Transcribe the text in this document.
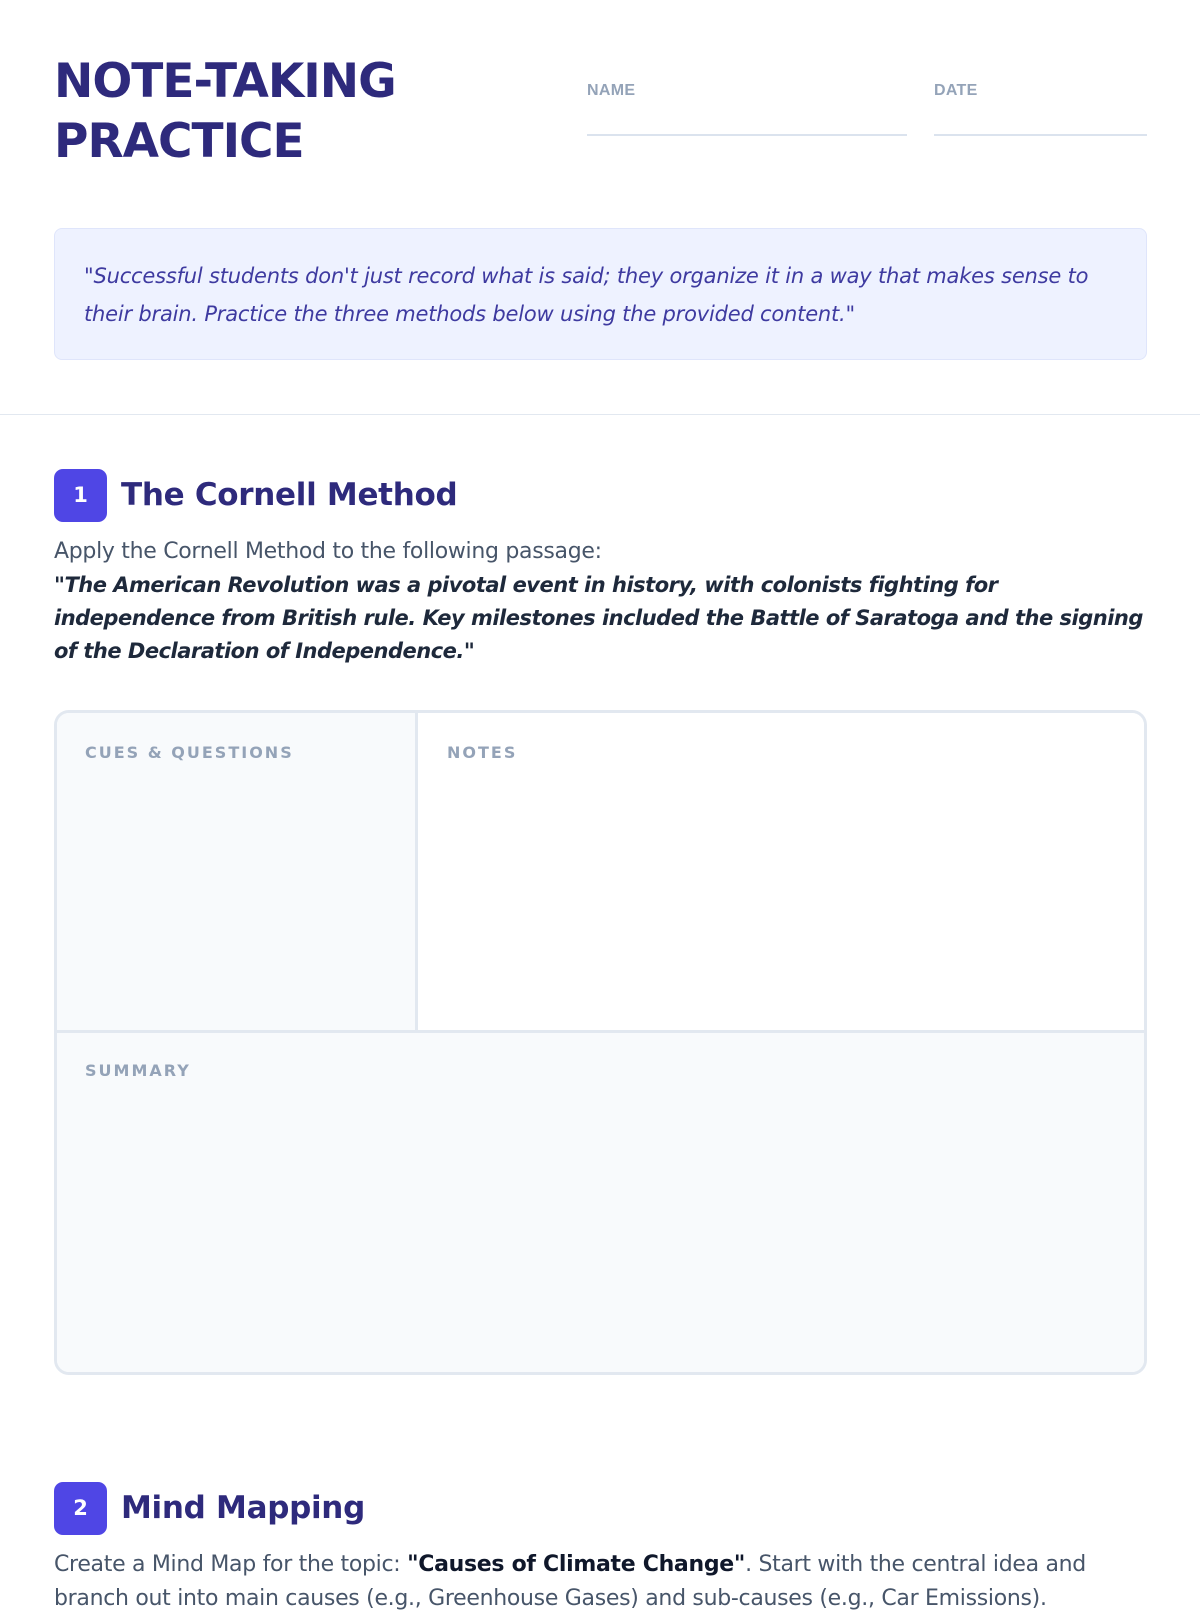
NOTE-TAKING
PRACTICE
NAME	DATE
"Successful students don't just record what is said; they organize it in a way that makes sense to their brain. Practice the three methods below using the provided content."
1	The Cornell Method
Apply the Cornell Method to the following passage:
"The American Revolution was a pivotal event in history, with colonists fighting for independence from British rule. Key milestones included the Battle of Saratoga and the signing of the Declaration of Independence."
CUES & QUESTIONS	NOTES
SUMMARY
2	Mind Mapping
Create a Mind Map for the topic: "Causes of Climate Change". Start with the central idea and branch out into main causes (e.g., Greenhouse Gases) and sub-causes (e.g., Car Emissions).
